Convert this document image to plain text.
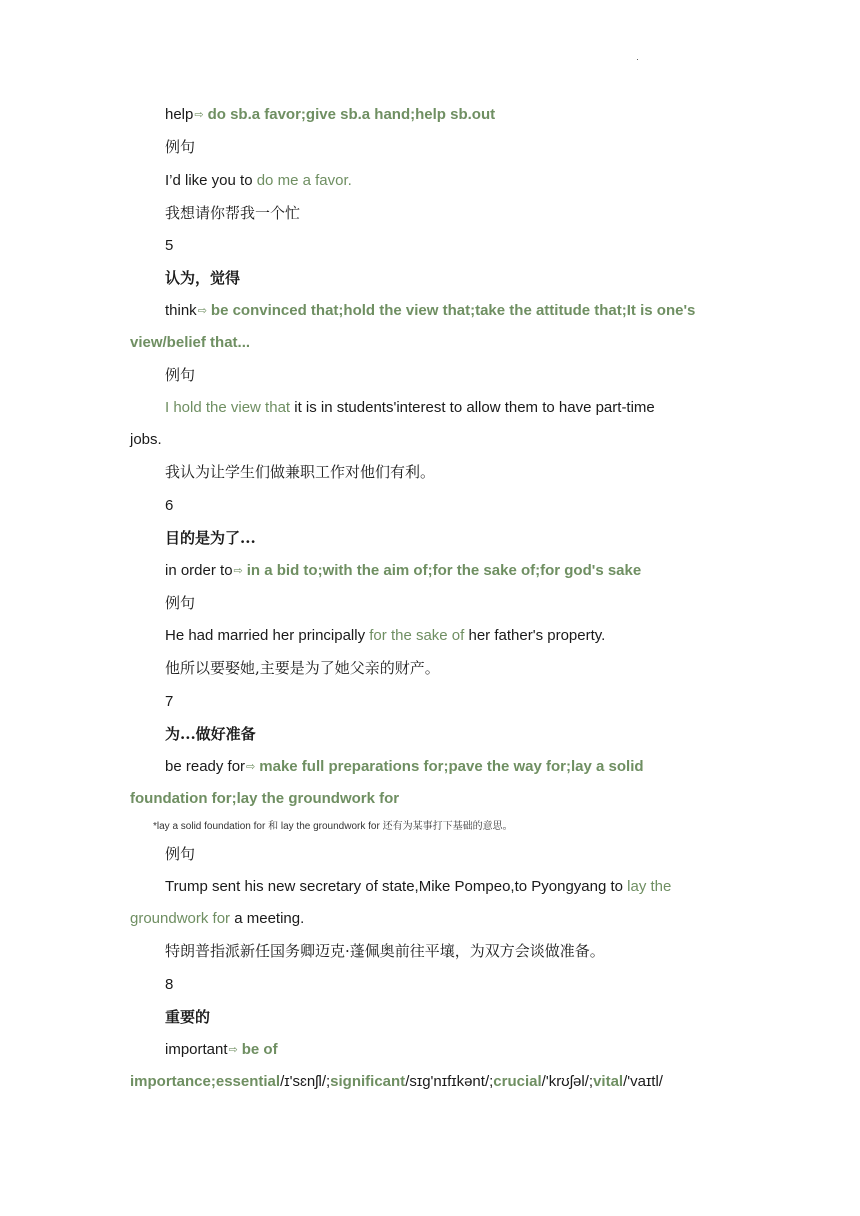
·
help⇨ do sb.a favor;give sb.a hand;help sb.out
例句
I’d like you to do me a favor.
我想请你帮我一个忙
5
认为，觉得
think⇨ be convinced that;hold the view that;take the attitude that;It is one's
view/belief that...
例句
I hold the view that it is in students'interest to allow them to have part-time
jobs.
我认为让学生们做兼职工作对他们有利。
6
目的是为了...
in order to⇨ in a bid to;with the aim of;for the sake of;for god's sake
例句
He had married her principally for the sake of her father's property.
他所以要娶她,主要是为了她父亲的财产。
7
为...做好准备
be ready for⇨ make full preparations for;pave the way for;lay a solid
foundation for;lay the groundwork for
*lay a solid foundation for 和 lay the groundwork for 还有为某事打下基础的意思。
例句
Trump sent his new secretary of state,Mike Pompeo,to Pyongyang to lay the
groundwork for a meeting.
特朗普指派新任国务卿迈克·蓬佩奥前往平壤，为双方会谈做准备。
8
重要的
important⇨ be of
importance;essential/ɪ'sɛnʃl/;significant/sɪɡ'nɪfɪkənt/;crucial/'krʊʃəl/;vital/'vaɪtl/
